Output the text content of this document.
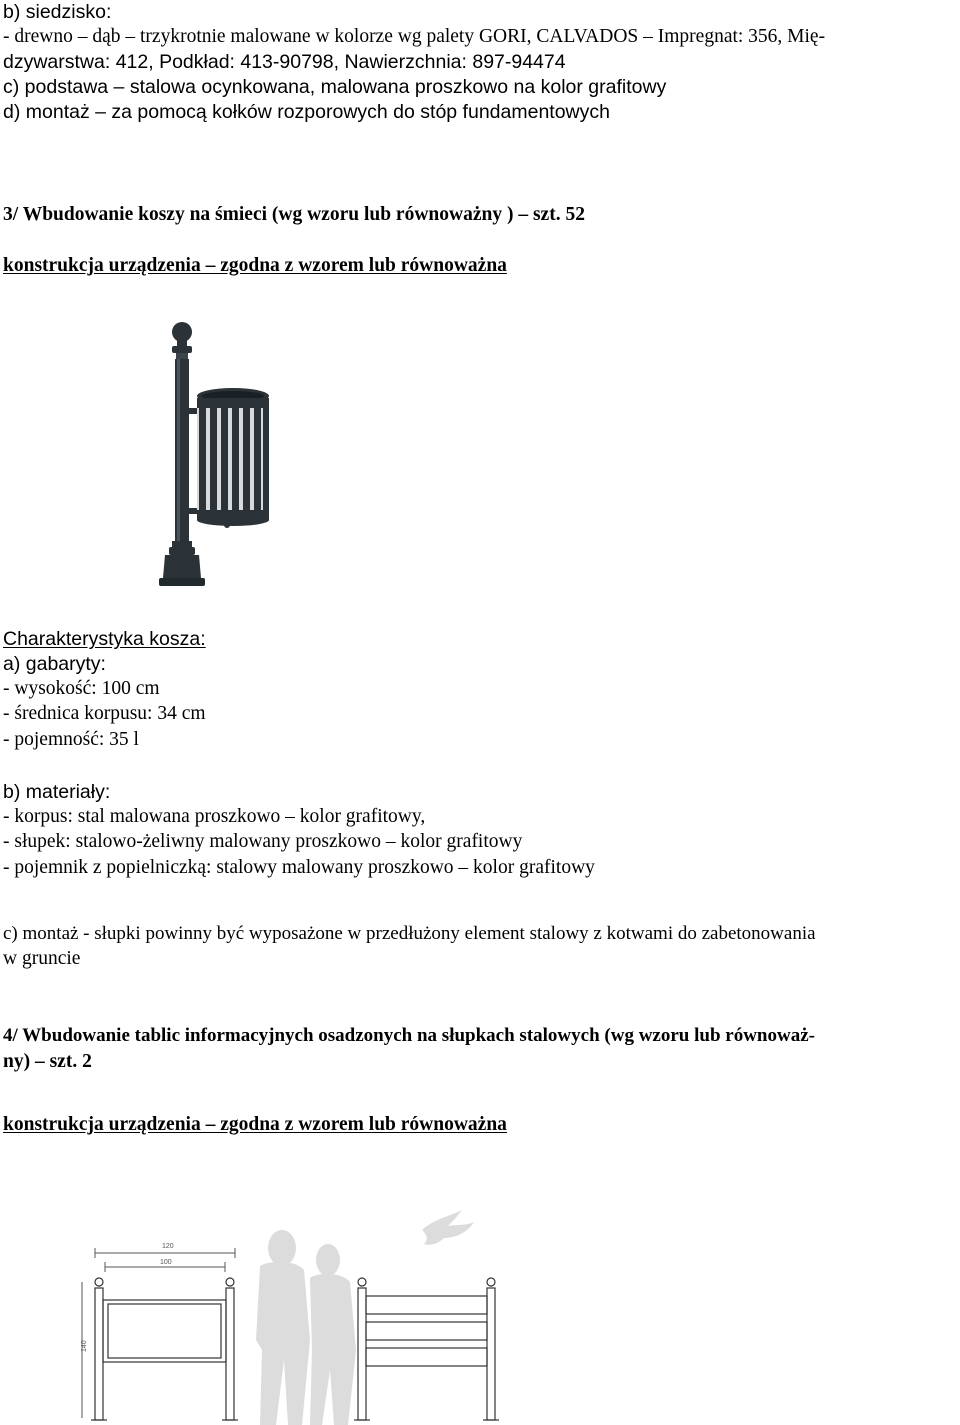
b) siedzisko:
- drewno – dąb – trzykrotnie malowane w kolorze wg palety GORI, CALVADOS – Impregnat: 356, Mię-
dzywarstwa: 412, Podkład: 413-90798, Nawierzchnia: 897-94474
c) podstawa – stalowa ocynkowana, malowana proszkowo na kolor grafitowy
d) montaż – za pomocą kołków rozporowych do stóp fundamentowych
3/ Wbudowanie koszy na śmieci (wg wzoru lub równoważny ) – szt. 52
konstrukcja urządzenia – zgodna z wzorem lub równoważna
Charakterystyka kosza:
a) gabaryty:
- wysokość: 100 cm
- średnica korpusu: 34 cm
- pojemność: 35 l
b) materiały:
- korpus: stal malowana proszkowo – kolor grafitowy,
- słupek: stalowo-żeliwny malowany proszkowo – kolor grafitowy
- pojemnik z popielniczką: stalowy malowany proszkowo – kolor grafitowy
c) montaż - słupki powinny być wyposażone w przedłużony element stalowy z kotwami do zabetonowania
w gruncie
4/ Wbudowanie tablic informacyjnych osadzonych na słupkach stalowych (wg wzoru lub równoważ-
ny) – szt. 2
konstrukcja urządzenia – zgodna z wzorem lub równoważna
120
100
140
